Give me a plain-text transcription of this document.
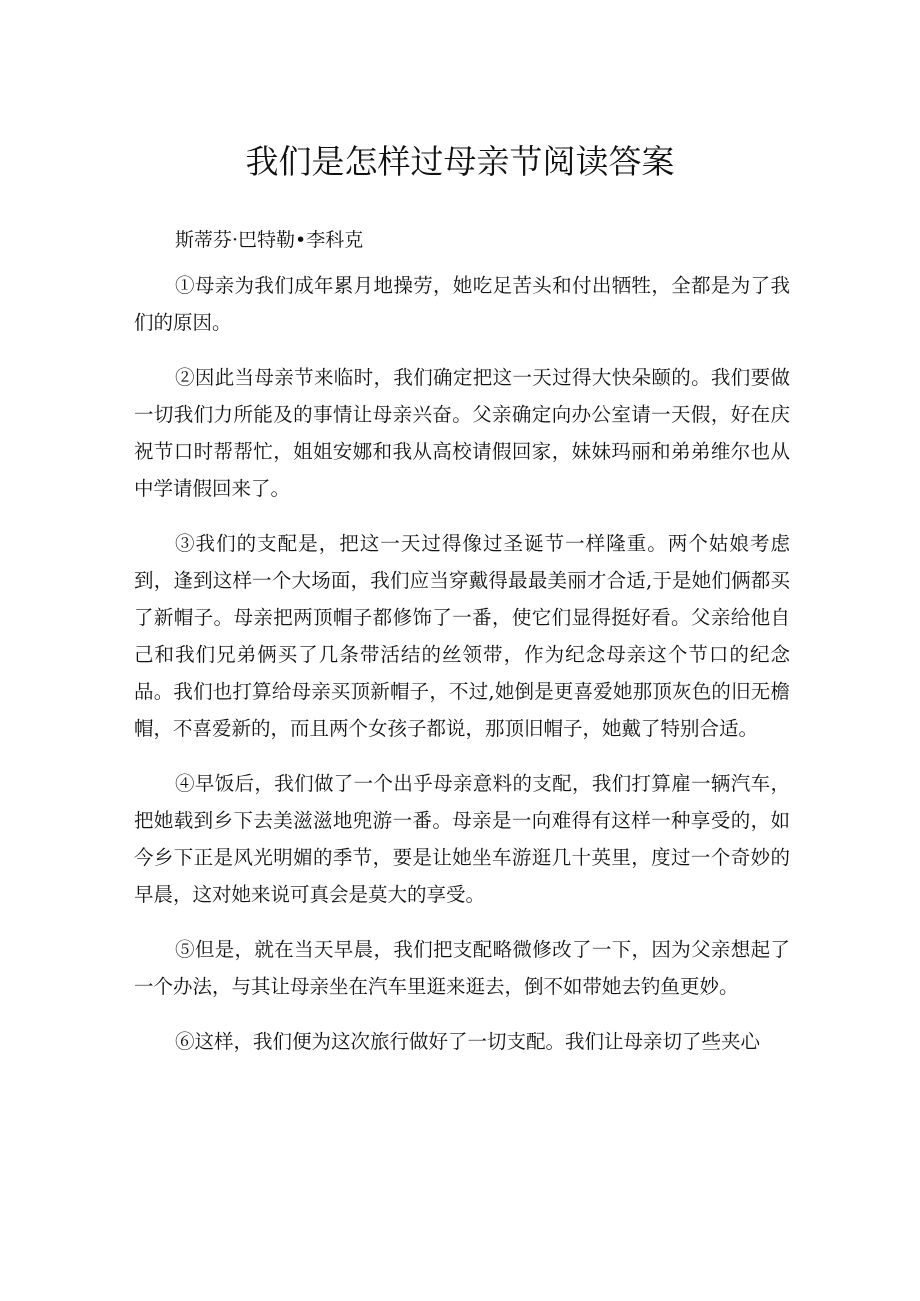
我们是怎样过母亲节阅读答案

斯蒂芬·巴特勒•李科克

①母亲为我们成年累月地操劳，她吃足苦头和付出牺牲，全都是为了我们的原因。

②因此当母亲节来临时，我们确定把这一天过得大快朵颐的。我们要做一切我们力所能及的事情让母亲兴奋。父亲确定向办公室请一天假，好在庆祝节口时帮帮忙，姐姐安娜和我从高校请假回家，妹妹玛丽和弟弟维尔也从中学请假回来了。

③我们的支配是，把这一天过得像过圣诞节一样隆重。两个姑娘考虑到，逢到这样一个大场面，我们应当穿戴得最最美丽才合适,于是她们俩都买了新帽子。母亲把两顶帽子都修饰了一番，使它们显得挺好看。父亲给他自己和我们兄弟俩买了几条带活结的丝领带，作为纪念母亲这个节口的纪念品。我们也打算给母亲买顶新帽子，不过,她倒是更喜爱她那顶灰色的旧无檐帽，不喜爱新的，而且两个女孩子都说，那顶旧帽子，她戴了特别合适。

④早饭后，我们做了一个出乎母亲意料的支配，我们打算雇一辆汽车，把她载到乡下去美滋滋地兜游一番。母亲是一向难得有这样一种享受的，如今乡下正是风光明媚的季节，要是让她坐车游逛几十英里，度过一个奇妙的早晨，这对她来说可真会是莫大的享受。

⑤但是，就在当天早晨，我们把支配略微修改了一下，因为父亲想起了一个办法，与其让母亲坐在汽车里逛来逛去，倒不如带她去钓鱼更妙。

⑥这样，我们便为这次旅行做好了一切支配。我们让母亲切了些夹心
